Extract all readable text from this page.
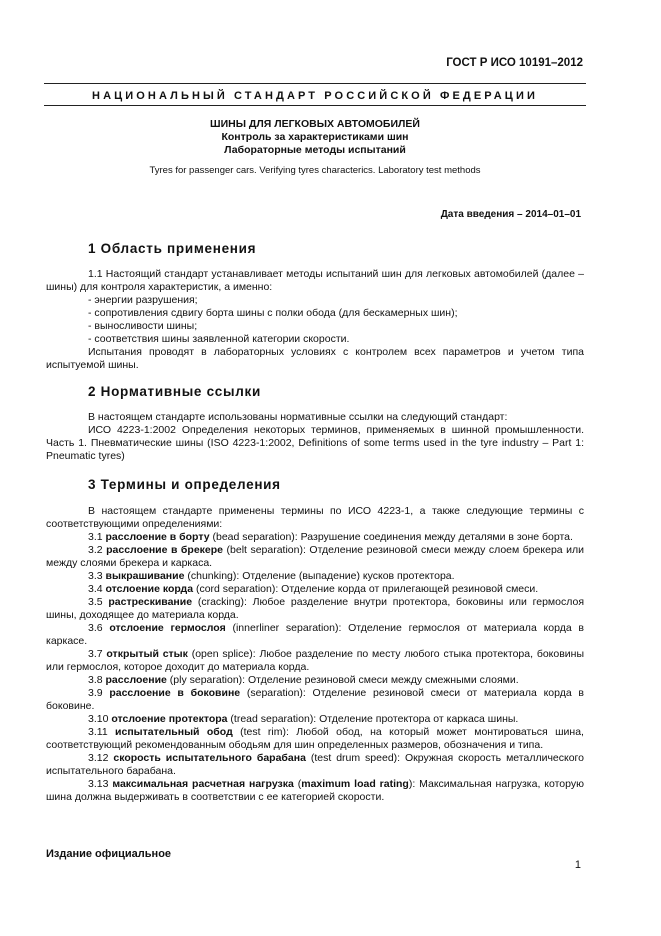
ГОСТ Р ИСО 10191–2012
НАЦИОНАЛЬНЫЙ СТАНДАРТ РОССИЙСКОЙ ФЕДЕРАЦИИ
ШИНЫ ДЛЯ ЛЕГКОВЫХ АВТОМОБИЛЕЙ
Контроль за характеристиками шин
Лабораторные методы испытаний
Tyres for passenger cars. Verifying tyres characterics. Laboratory test methods
Дата введения – 2014–01–01
1 Область применения

1.1 Настоящий стандарт устанавливает методы испытаний шин для легковых автомобилей (далее – шины) для контроля характеристик, а именно:

- энергии разрушения;

- сопротивления сдвигу борта шины с полки обода (для бескамерных шин);

- выносливости шины;

- соответствия шины заявленной категории скорости.

Испытания проводят в лабораторных условиях с контролем всех параметров и учетом типа испытуемой шины.

2 Нормативные ссылки

В настоящем стандарте использованы нормативные ссылки на следующий стандарт:

ИСО 4223-1:2002 Определения некоторых терминов, применяемых в шинной промышленности. Часть 1. Пневматические шины (ISO 4223-1:2002, Definitions of some terms used in the tyre industry – Part 1: Pneumatic tyres)

3 Термины и определения

В настоящем стандарте применены термины по ИСО 4223-1, а также следующие термины с соответствующими определениями:

3.1 расслоение в борту (bead separation): Разрушение соединения между деталями в зоне борта.

3.2 расслоение в брекере (belt separation): Отделение резиновой смеси между слоем брекера или между слоями брекера и каркаса.

3.3 выкрашивание (chunking): Отделение (выпадение) кусков протектора.

3.4 отслоение корда (cord separation): Отделение корда от прилегающей резиновой смеси.

3.5 растрескивание (cracking): Любое разделение внутри протектора, боковины или гермослоя шины, доходящее до материала корда.

3.6 отслоение гермослоя (innerliner separation): Отделение гермослоя от материала корда в каркасе.

3.7 открытый стык (open splice): Любое разделение по месту любого стыка протектора, боковины или гермослоя, которое доходит до материала корда.

3.8 расслоение (ply separation): Отделение резиновой смеси между смежными слоями.

3.9 расслоение в боковине (separation): Отделение резиновой смеси от материала корда в боковине.

3.10 отслоение протектора (tread separation): Отделение протектора от каркаса шины.

3.11 испытательный обод (test rim): Любой обод, на который может монтироваться шина, соответствующий рекомендованным ободьям для шин определенных размеров, обозначения и типа.

3.12 скорость испытательного барабана (test drum speed): Окружная скорость металлического испытательного барабана.

3.13 максимальная расчетная нагрузка (maximum load rating): Максимальная нагрузка, которую шина должна выдерживать в соответствии с ее категорией скорости.

Издание официальное
1
